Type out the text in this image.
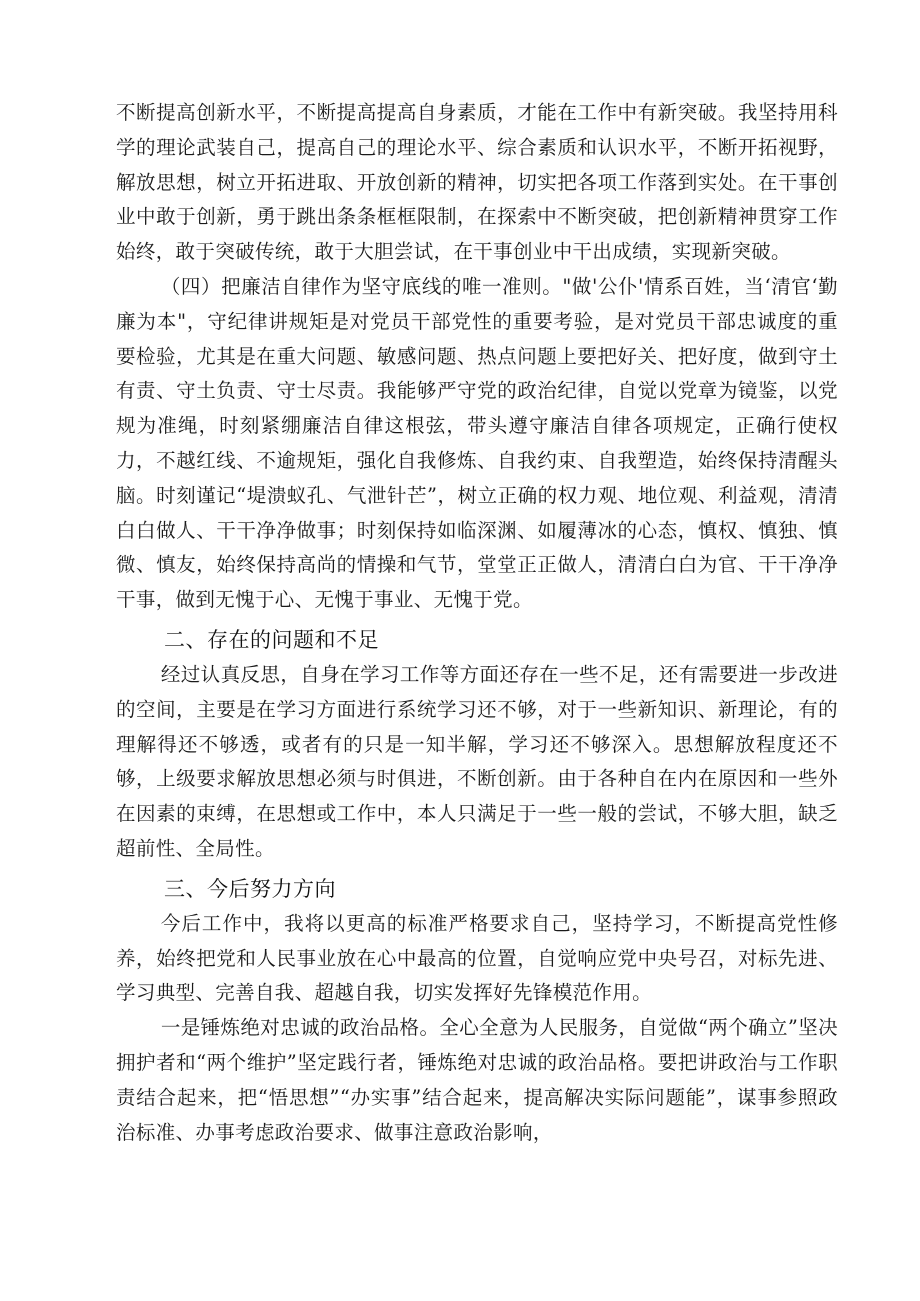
不断提高创新水平，不断提高提高自身素质，才能在工作中有新突破。我坚持用科学的理论武装自己，提高自己的理论水平、综合素质和认识水平，不断开拓视野，解放思想，树立开拓进取、开放创新的精神，切实把各项工作落到实处。在干事创业中敢于创新，勇于跳出条条框框限制，在探索中不断突破，把创新精神贯穿工作始终，敢于突破传统，敢于大胆尝试，在干事创业中干出成绩，实现新突破。

（四）把廉洁自律作为坚守底线的唯一准则。"做'公仆'情系百姓，当‘清官‘勤廉为本"，守纪律讲规矩是对党员干部党性的重要考验，是对党员干部忠诚度的重要检验，尤其是在重大问题、敏感问题、热点问题上要把好关、把好度，做到守土有责、守土负责、守士尽责。我能够严守党的政治纪律，自觉以党章为镜鉴，以党规为准绳，时刻紧绷廉洁自律这根弦，带头遵守廉洁自律各项规定，正确行使权力，不越红线、不逾规矩，强化自我修炼、自我约束、自我塑造，始终保持清醒头脑。时刻谨记“堤溃蚁孔、气泄针芒”，树立正确的权力观、地位观、利益观，清清白白做人、干干净净做事；时刻保持如临深渊、如履薄冰的心态，慎权、慎独、慎微、慎友，始终保持高尚的情操和气节，堂堂正正做人，清清白白为官、干干净净干事，做到无愧于心、无愧于事业、无愧于党。

二、存在的问题和不足

经过认真反思，自身在学习工作等方面还存在一些不足，还有需要进一步改进的空间，主要是在学习方面进行系统学习还不够，对于一些新知识、新理论，有的理解得还不够透，或者有的只是一知半解，学习还不够深入。思想解放程度还不够，上级要求解放思想必须与时俱进，不断创新。由于各种自在内在原因和一些外在因素的束缚，在思想或工作中，本人只满足于一些一般的尝试，不够大胆，缺乏超前性、全局性。

三、今后努力方向

今后工作中，我将以更高的标准严格要求自己，坚持学习，不断提高党性修养，始终把党和人民事业放在心中最高的位置，自觉响应党中央号召，对标先进、学习典型、完善自我、超越自我，切实发挥好先锋模范作用。

一是锤炼绝对忠诚的政治品格。全心全意为人民服务，自觉做“两个确立”坚决拥护者和“两个维护”坚定践行者，锤炼绝对忠诚的政治品格。要把讲政治与工作职责结合起来，把“悟思想”“办实事”结合起来，提高解决实际问题能”，谋事参照政治标准、办事考虑政治要求、做事注意政治影响，
